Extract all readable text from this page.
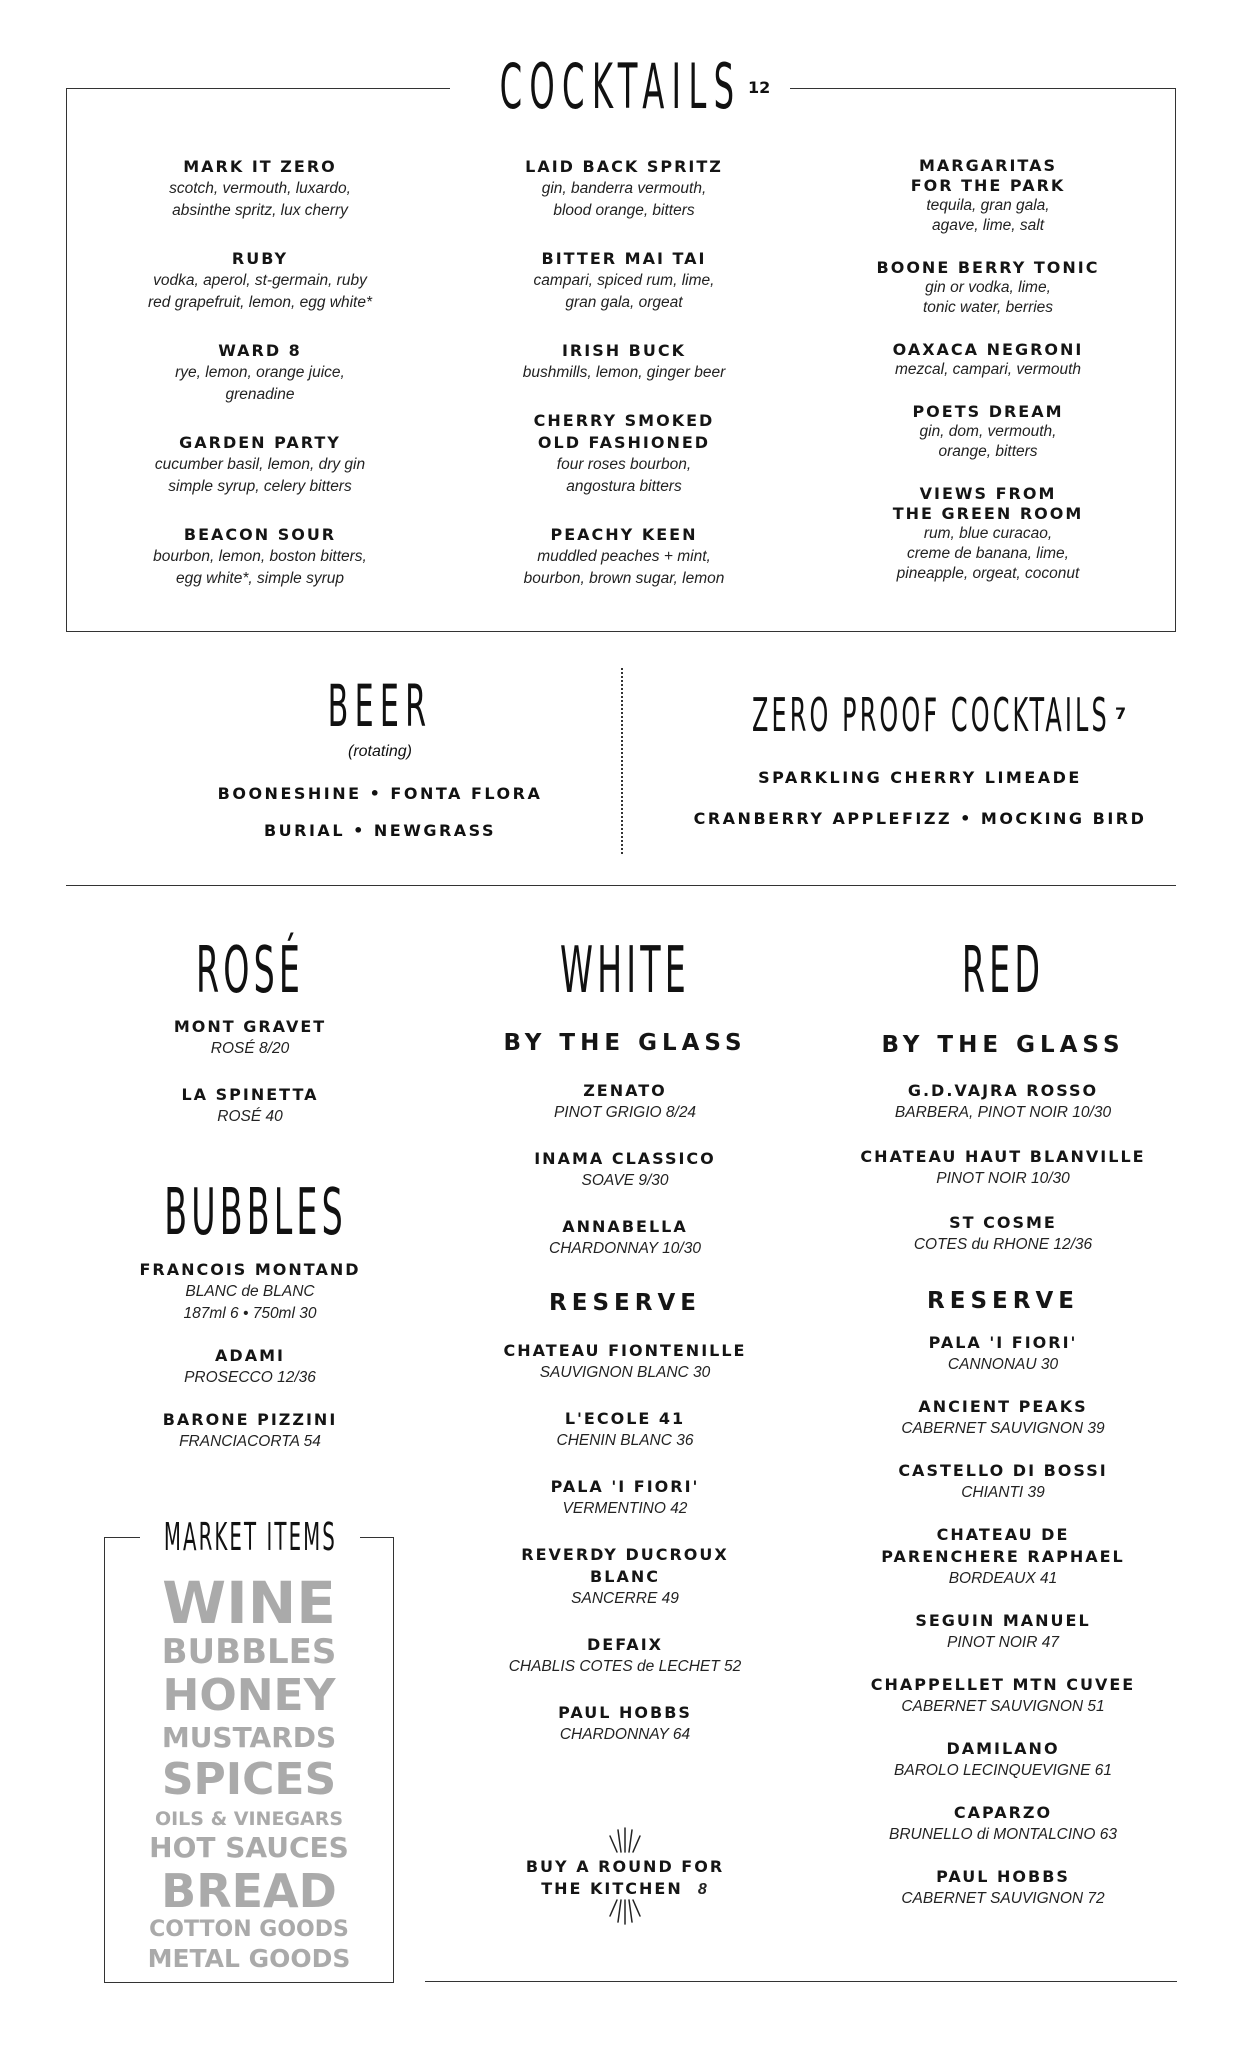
COCKTAILS 12
MARK IT ZERO
scotch, vermouth, luxardo,
absinthe spritz, lux cherry
RUBY
vodka, aperol, st-germain, ruby
red grapefruit, lemon, egg white*
WARD 8
rye, lemon, orange juice,
grenadine
GARDEN PARTY
cucumber basil, lemon, dry gin
simple syrup, celery bitters
BEACON SOUR
bourbon, lemon, boston bitters,
egg white*, simple syrup
LAID BACK SPRITZ
gin, banderra vermouth,
blood orange, bitters
BITTER MAI TAI
campari, spiced rum, lime,
gran gala, orgeat
IRISH BUCK
bushmills, lemon, ginger beer
CHERRY SMOKED
OLD FASHIONED
four roses bourbon,
angostura bitters
PEACHY KEEN
muddled peaches + mint,
bourbon, brown sugar, lemon
MARGARITAS
FOR THE PARK
tequila, gran gala,
agave, lime, salt
BOONE BERRY TONIC
gin or vodka, lime,
tonic water, berries
OAXACA NEGRONI
mezcal, campari, vermouth
POETS DREAM
gin, dom, vermouth,
orange, bitters
VIEWS FROM
THE GREEN ROOM
rum, blue curacao,
creme de banana, lime,
pineapple, orgeat, coconut
BEER
(rotating)
BOONESHINE • FONTA FLORA
BURIAL • NEWGRASS
ZERO PROOF COCKTAILS 7
SPARKLING CHERRY LIMEADE
CRANBERRY APPLEFIZZ • MOCKING BIRD
ROSÉ
MONT GRAVET
ROSÉ 8/20
LA SPINETTA
ROSÉ 40
BUBBLES
FRANCOIS MONTAND
BLANC de BLANC
187ml 6 • 750ml 30
ADAMI
PROSECCO 12/36
BARONE PIZZINI
FRANCIACORTA 54
MARKET ITEMS
WINE
BUBBLES
HONEY
MUSTARDS
SPICES
OILS & VINEGARS
HOT SAUCES
BREAD
COTTON GOODS
METAL GOODS
WHITE
BY THE GLASS
ZENATO
PINOT GRIGIO 8/24
INAMA CLASSICO
SOAVE 9/30
ANNABELLA
CHARDONNAY 10/30
RESERVE
CHATEAU FIONTENILLE
SAUVIGNON BLANC 30
L'ECOLE 41
CHENIN BLANC 36
PALA 'I FIORI'
VERMENTINO 42
REVERDY DUCROUX
BLANC
SANCERRE 49
DEFAIX
CHABLIS COTES de LECHET 52
PAUL HOBBS
CHARDONNAY 64
BUY A ROUND FOR
THE KITCHEN 8
RED
BY THE GLASS
G.D.VAJRA ROSSO
BARBERA, PINOT NOIR 10/30
CHATEAU HAUT BLANVILLE
PINOT NOIR 10/30
ST COSME
COTES du RHONE 12/36
RESERVE
PALA 'I FIORI'
CANNONAU 30
ANCIENT PEAKS
CABERNET SAUVIGNON 39
CASTELLO DI BOSSI
CHIANTI 39
CHATEAU DE
PARENCHERE RAPHAEL
BORDEAUX 41
SEGUIN MANUEL
PINOT NOIR 47
CHAPPELLET MTN CUVEE
CABERNET SAUVIGNON 51
DAMILANO
BAROLO LECINQUEVIGNE 61
CAPARZO
BRUNELLO di MONTALCINO 63
PAUL HOBBS
CABERNET SAUVIGNON 72
